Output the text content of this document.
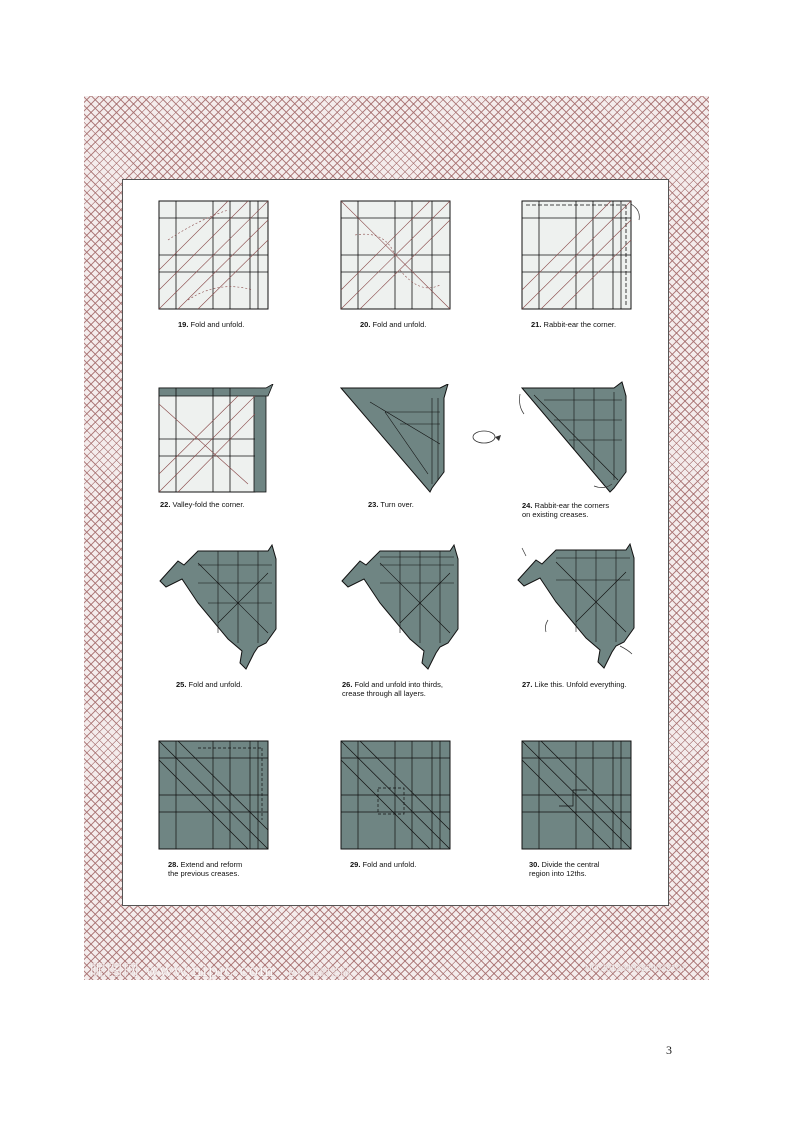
19. Fold and unfold.	20. Fold and unfold.	21. Rabbit-ear the corner.
22. Valley-fold the corner.	23. Turn over.	24. Rabbit-ear the corners
on existing creases.
25. Fold and unfold.	26. Fold and unfold into thirds,
crease through all layers.
27. Like this. Unfold everything.
28. Extend and reform
the previous creases.
29. Fold and unfold.	30. Divide the central
region into 12ths.
昵图网 www.nipic.com BY: 纸韵艺品	NO:20120402224032107
3
